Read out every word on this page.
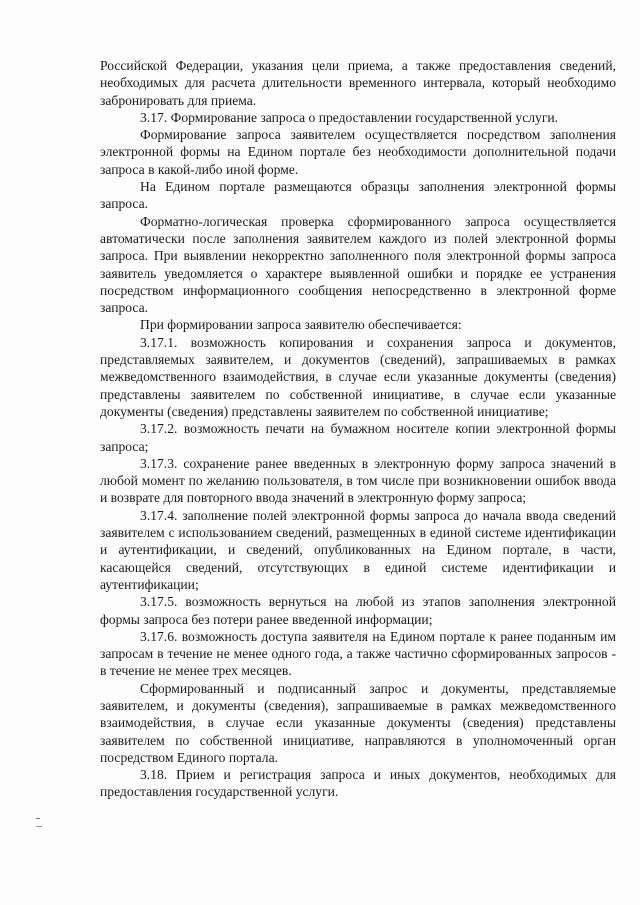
Российской Федерации, указания цели приема, а также предоставления сведений, необходимых для расчета длительности временного интервала, который необходимо забронировать для приема.

3.17. Формирование запроса о предоставлении государственной услуги.

Формирование запроса заявителем осуществляется посредством заполнения электронной формы на Едином портале без необходимости дополнительной подачи запроса в какой-либо иной форме.

На Едином портале размещаются образцы заполнения электронной формы запроса.

Форматно-логическая проверка сформированного запроса осуществляется автоматически после заполнения заявителем каждого из полей электронной формы запроса. При выявлении некорректно заполненного поля электронной формы запроса заявитель уведомляется о характере выявленной ошибки и порядке ее устранения посредством информационного сообщения непосредственно в электронной форме запроса.

При формировании запроса заявителю обеспечивается:

3.17.1. возможность копирования и сохранения запроса и документов, представляемых заявителем, и документов (сведений), запрашиваемых в рамках межведомственного взаимодействия, в случае если указанные документы (сведения) представлены заявителем по собственной инициативе, в случае если указанные документы (сведения) представлены заявителем по собственной инициативе;

3.17.2. возможность печати на бумажном носителе копии электронной формы запроса;

3.17.3. сохранение ранее введенных в электронную форму запроса значений в любой момент по желанию пользователя, в том числе при возникновении ошибок ввода и возврате для повторного ввода значений в электронную форму запроса;

3.17.4. заполнение полей электронной формы запроса до начала ввода сведений заявителем с использованием сведений, размещенных в единой системе идентификации и аутентификации, и сведений, опубликованных на Едином портале, в части, касающейся сведений, отсутствующих в единой системе идентификации и аутентификации;

3.17.5. возможность вернуться на любой из этапов заполнения электронной формы запроса без потери ранее введенной информации;

3.17.6. возможность доступа заявителя на Едином портале к ранее поданным им запросам в течение не менее одного года, а также частично сформированных запросов - в течение не менее трех месяцев.

Сформированный и подписанный запрос и документы, представляемые заявителем, и документы (сведения), запрашиваемые в рамках межведомственного взаимодействия, в случае если указанные документы (сведения) представлены заявителем по собственной инициативе, направляются в уполномоченный орган посредством Единого портала.

3.18. Прием и регистрация запроса и иных документов, необходимых для предоставления государственной услуги.
